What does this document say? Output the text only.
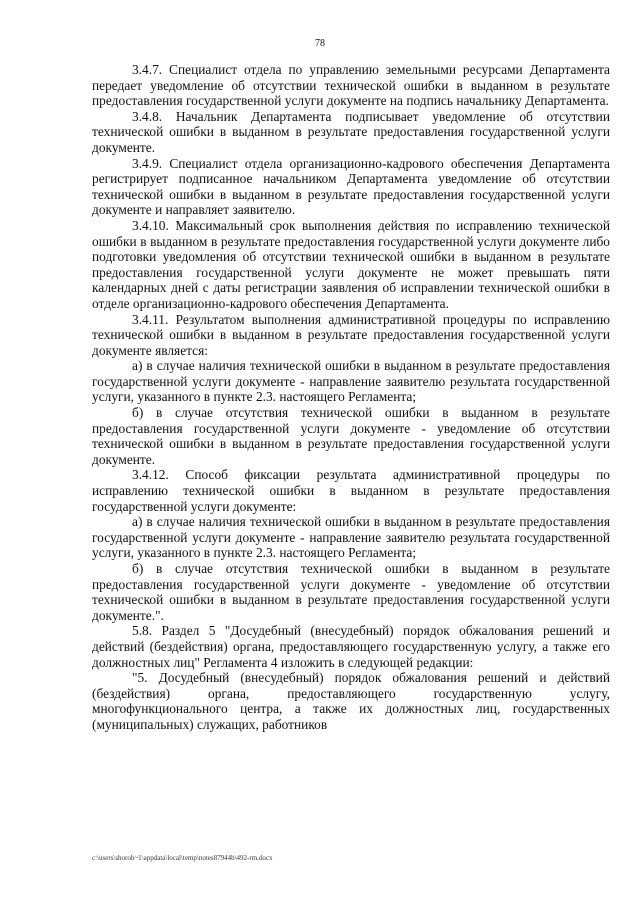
78

3.4.7. Специалист отдела по управлению земельными ресурсами Департамента передает уведомление об отсутствии технической ошибки в выданном в результате предоставления государственной услуги документе на подпись начальнику Департамента.

3.4.8. Начальник Департамента подписывает уведомление об отсутствии технической ошибки в выданном в результате предоставления государственной услуги документе.

3.4.9. Специалист отдела организационно-кадрового обеспечения Департамента регистрирует подписанное начальником Департамента уведомление об отсутствии технической ошибки в выданном в результате предоставления государственной услуги документе и направляет заявителю.

3.4.10. Максимальный срок выполнения действия по исправлению технической ошибки в выданном в результате предоставления государственной услуги документе либо подготовки уведомления об отсутствии технической ошибки в выданном в результате предоставления государственной услуги документе не может превышать пяти календарных дней с даты регистрации заявления об исправлении технической ошибки в отделе организационно-кадрового обеспечения Департамента.

3.4.11. Результатом выполнения административной процедуры по исправлению технической ошибки в выданном в результате предоставления государственной услуги документе является:

а) в случае наличия технической ошибки в выданном в результате предоставления государственной услуги документе - направление заявителю результата государственной услуги, указанного в пункте 2.3. настоящего Регламента;

б) в случае отсутствия технической ошибки в выданном в результате предоставления государственной услуги документе - уведомление об отсутствии технической ошибки в выданном в результате предоставления государственной услуги документе.

3.4.12. Способ фиксации результата административной процедуры по исправлению технической ошибки в выданном в результате предоставления государственной услуги документе:

а) в случае наличия технической ошибки в выданном в результате предоставления государственной услуги документе - направление заявителю результата государственной услуги, указанного в пункте 2.3. настоящего Регламента;

б) в случае отсутствия технической ошибки в выданном в результате предоставления государственной услуги документе - уведомление об отсутствии технической ошибки в выданном в результате предоставления государственной услуги документе.".

5.8. Раздел 5 "Досудебный (внесудебный) порядок обжалования решений и действий (бездействия) органа, предоставляющего государственную услугу, а также его должностных лиц" Регламента 4 изложить в следующей редакции:

"5. Досудебный (внесудебный) порядок обжалования решений и действий (бездействия) органа, предоставляющего государственную услугу, многофункционального центра, а также их должностных лиц, государственных (муниципальных) служащих, работников

c:\users\shoroh~1\appdata\local\temp\notes87944b\492-rm.docx
